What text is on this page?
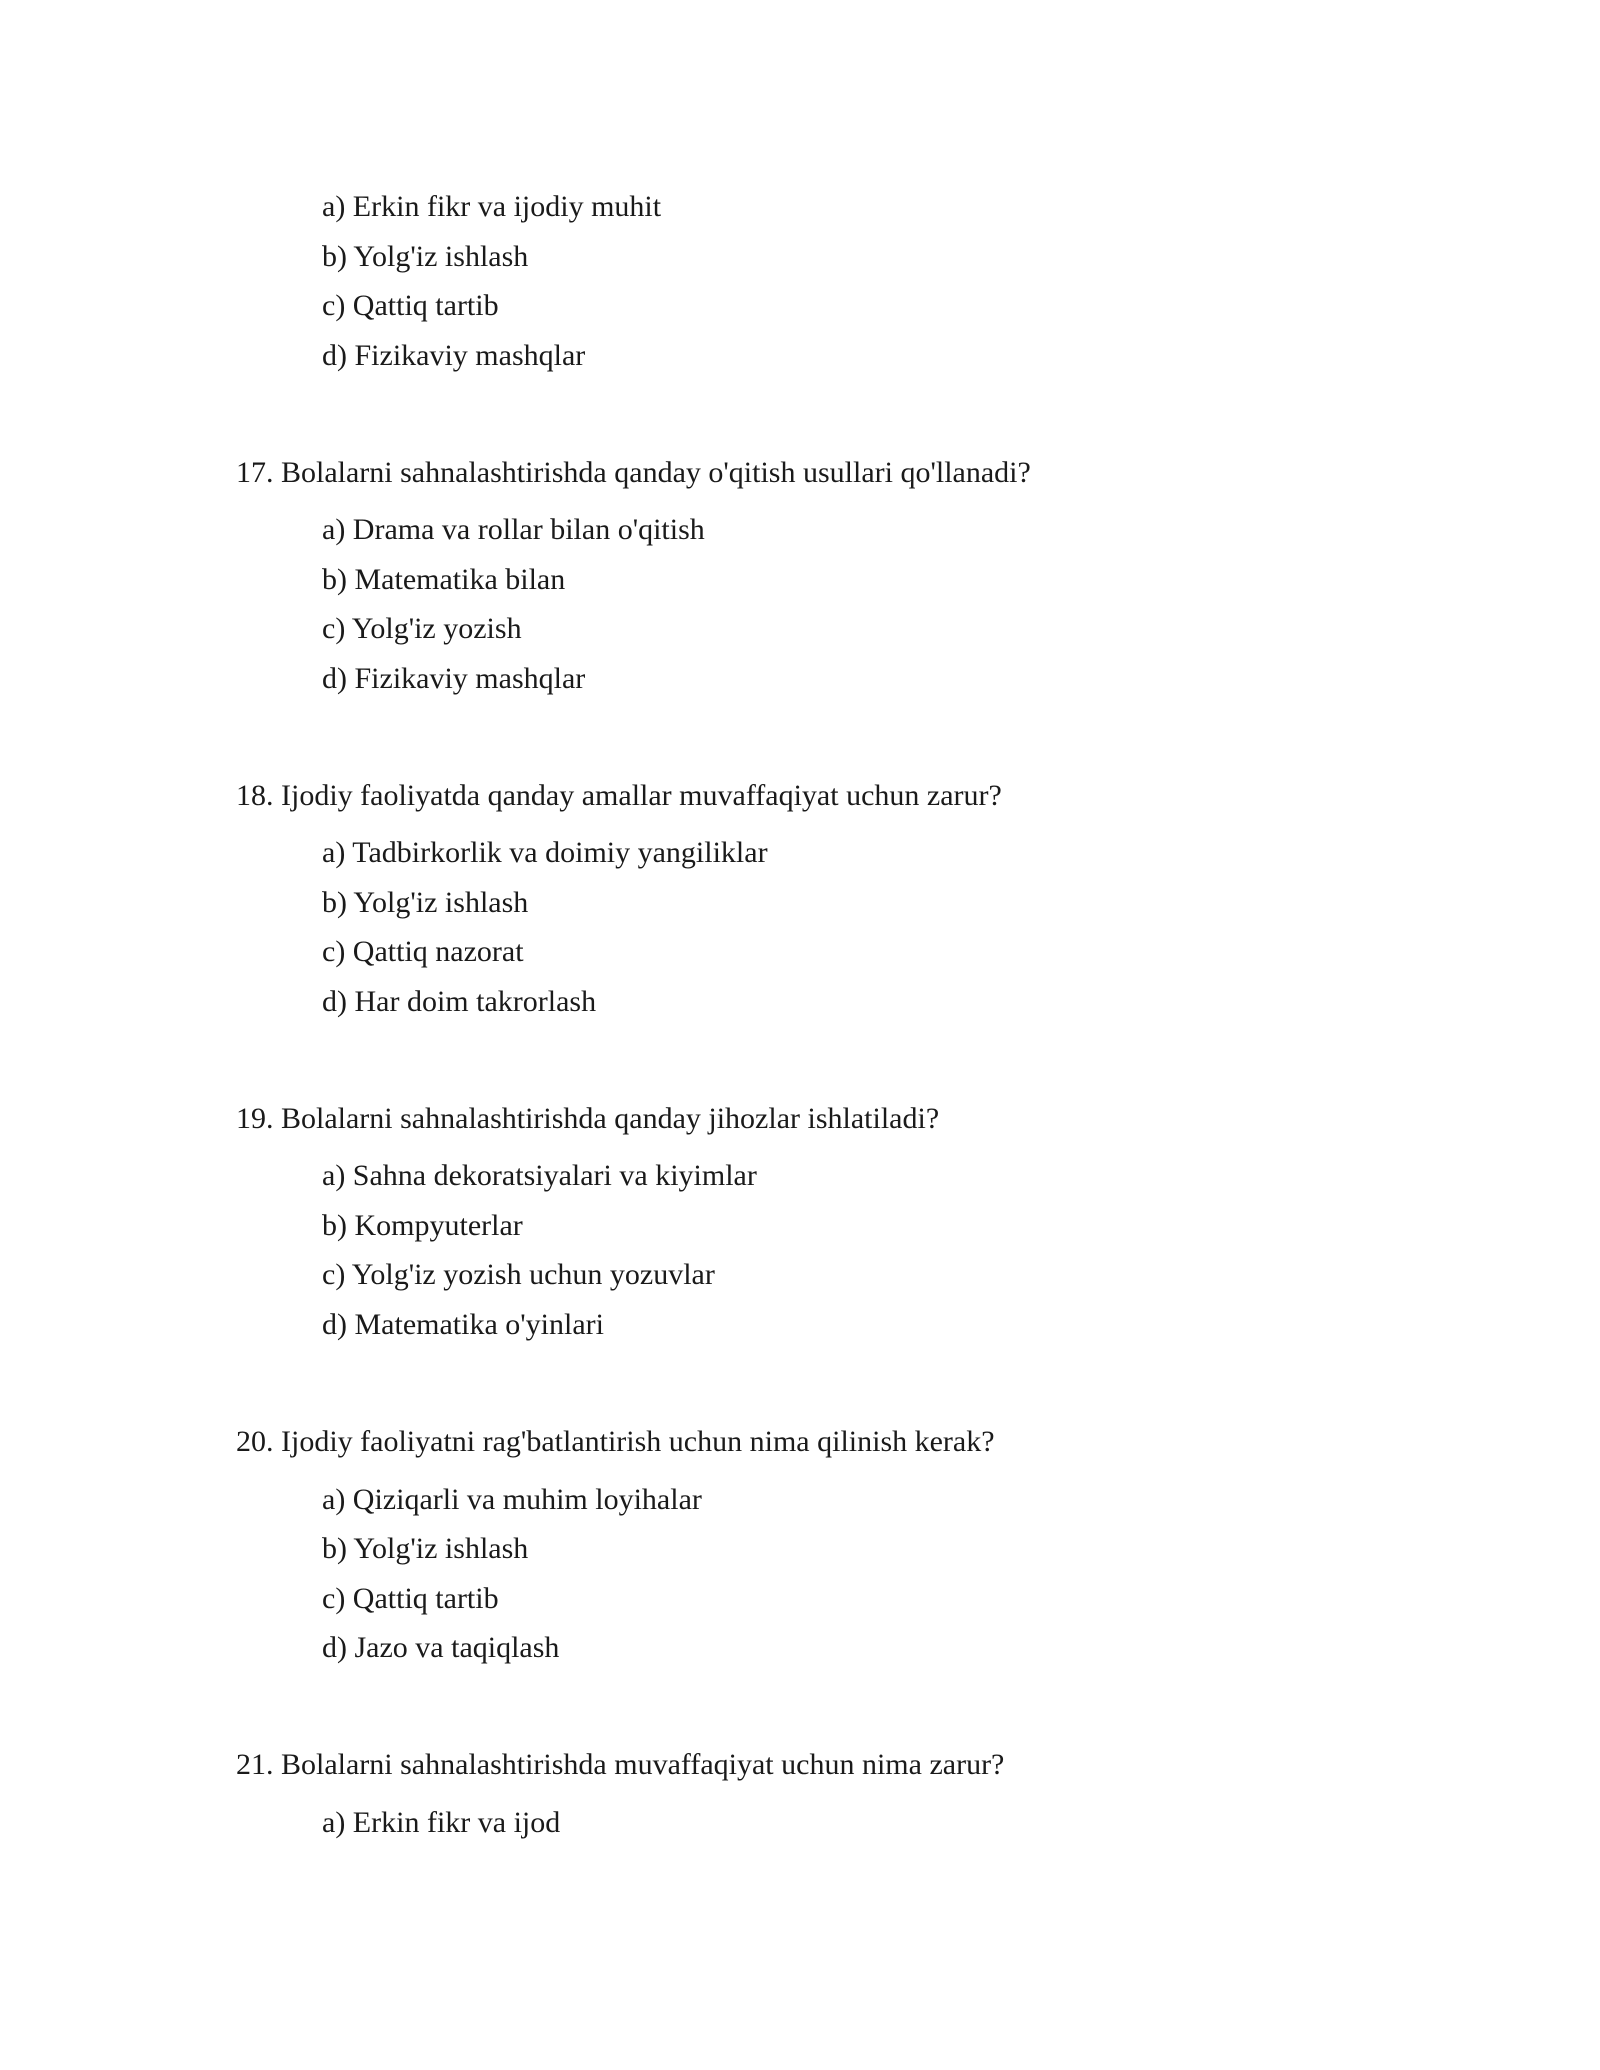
a) Erkin fikr va ijodiy muhit
b) Yolg'iz ishlash
c) Qattiq tartib
d) Fizikaviy mashqlar
17. Bolalarni sahnalashtirishda qanday o'qitish usullari qo'llanadi?
a) Drama va rollar bilan o'qitish
b) Matematika bilan
c) Yolg'iz yozish
d) Fizikaviy mashqlar
18. Ijodiy faoliyatda qanday amallar muvaffaqiyat uchun zarur?
a) Tadbirkorlik va doimiy yangiliklar
b) Yolg'iz ishlash
c) Qattiq nazorat
d) Har doim takrorlash
19. Bolalarni sahnalashtirishda qanday jihozlar ishlatiladi?
a) Sahna dekoratsiyalari va kiyimlar
b) Kompyuterlar
c) Yolg'iz yozish uchun yozuvlar
d) Matematika o'yinlari
20. Ijodiy faoliyatni rag'batlantirish uchun nima qilinish kerak?
a) Qiziqarli va muhim loyihalar
b) Yolg'iz ishlash
c) Qattiq tartib
d) Jazo va taqiqlash
21. Bolalarni sahnalashtirishda muvaffaqiyat uchun nima zarur?
a) Erkin fikr va ijod
